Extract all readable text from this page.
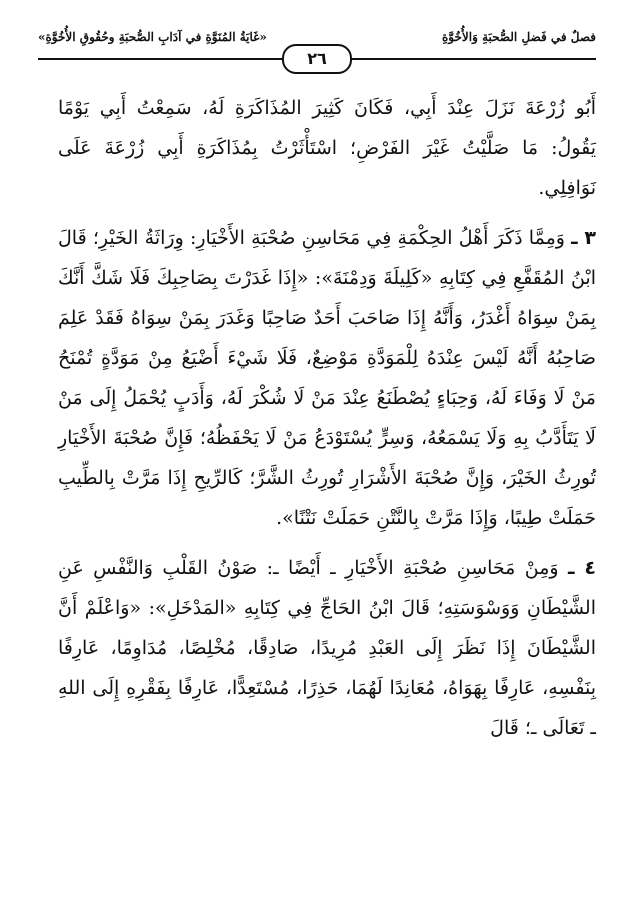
فصلٌ في فَضلِ الصُّحبَةِ وَالأُخُوَّةِ
«غَايَةُ المُنَوَّةِ في آدَابِ الصُّحبَةِ وحُقُوقِ الأُخُوَّةِ»
٢٦

أَبُو زُرْعَةَ نَزَلَ عِنْدَ أَبِي، فَكَانَ كَثِيرَ المُذَاكَرَةِ لَهُ، سَمِعْتُ أَبِي يَوْمًا يَقُولُ: مَا صَلَّيْتُ غَيْرَ الفَرْضِ؛ اسْتَأْثَرْتُ بِمُذَاكَرَةِ أَبِي زُرْعَةَ عَلَى نَوَافِلِي.

٣ ـ وَمِمَّا ذَكَرَ أَهْلُ الحِكْمَةِ فِي مَحَاسِنِ صُحْبَةِ الأَخْيَارِ: وِرَاثَةُ الخَيْرِ؛ قَالَ ابْنُ المُقَفَّعِ فِي كِتَابِهِ «كَلِيلَةَ وَدِمْنَةَ»: «إِذَا غَدَرْتَ بِصَاحِبِكَ فَلَا شَكَّ أَنَّكَ بِمَنْ سِوَاهُ أَغْدَرُ، وَأَنَّهُ إِذَا صَاحَبَ أَحَدٌ صَاحِبًا وَغَدَرَ بِمَنْ سِوَاهُ فَقَدْ عَلِمَ صَاحِبُهُ أَنَّهُ لَيْسَ عِنْدَهُ لِلْمَوَدَّةِ مَوْضِعٌ، فَلَا شَيْءَ أَضْيَعُ مِنْ مَوَدَّةٍ تُمْنَحُ مَنْ لَا وَفَاءَ لَهُ، وَحِبَاءٍ يُصْطَنَعُ عِنْدَ مَنْ لَا شُكْرَ لَهُ، وَأَدَبٍ يُحْمَلُ إِلَى مَنْ لَا يَتَأَدَّبُ بِهِ وَلَا يَسْمَعُهُ، وَسِرٍّ يُسْتَوْدَعُ مَنْ لَا يَحْفَظُهُ؛ فَإِنَّ صُحْبَةَ الأَخْيَارِ تُورِثُ الخَيْرَ، وَإِنَّ صُحْبَةَ الأَشْرَارِ تُورِثُ الشَّرَّ؛ كَالرِّيحِ إِذَا مَرَّتْ بِالطِّيبِ حَمَلَتْ طِيبًا، وَإِذَا مَرَّتْ بِالنَّتْنِ حَمَلَتْ نَتْنًا».

٤ ـ وَمِنْ مَحَاسِنِ صُحْبَةِ الأَخْيَارِ ـ أَيْضًا ـ: صَوْنُ القَلْبِ وَالنَّفْسِ عَنِ الشَّيْطَانِ وَوَسْوَسَتِهِ؛ قَالَ ابْنُ الحَاجِّ فِي كِتَابِهِ «المَدْخَلِ»: «وَاعْلَمْ أَنَّ الشَّيْطَانَ إِذَا نَظَرَ إِلَى العَبْدِ مُرِيدًا، صَادِقًا، مُخْلِصًا، مُدَاوِمًا، عَارِفًا بِنَفْسِهِ، عَارِفًا بِهَوَاهُ، مُعَانِدًا لَهُمَا، حَذِرًا، مُسْتَعِدًّا، عَارِفًا بِفَقْرِهِ إِلَى اللهِ ـ تَعَالَى ـ؛ قَالَ
